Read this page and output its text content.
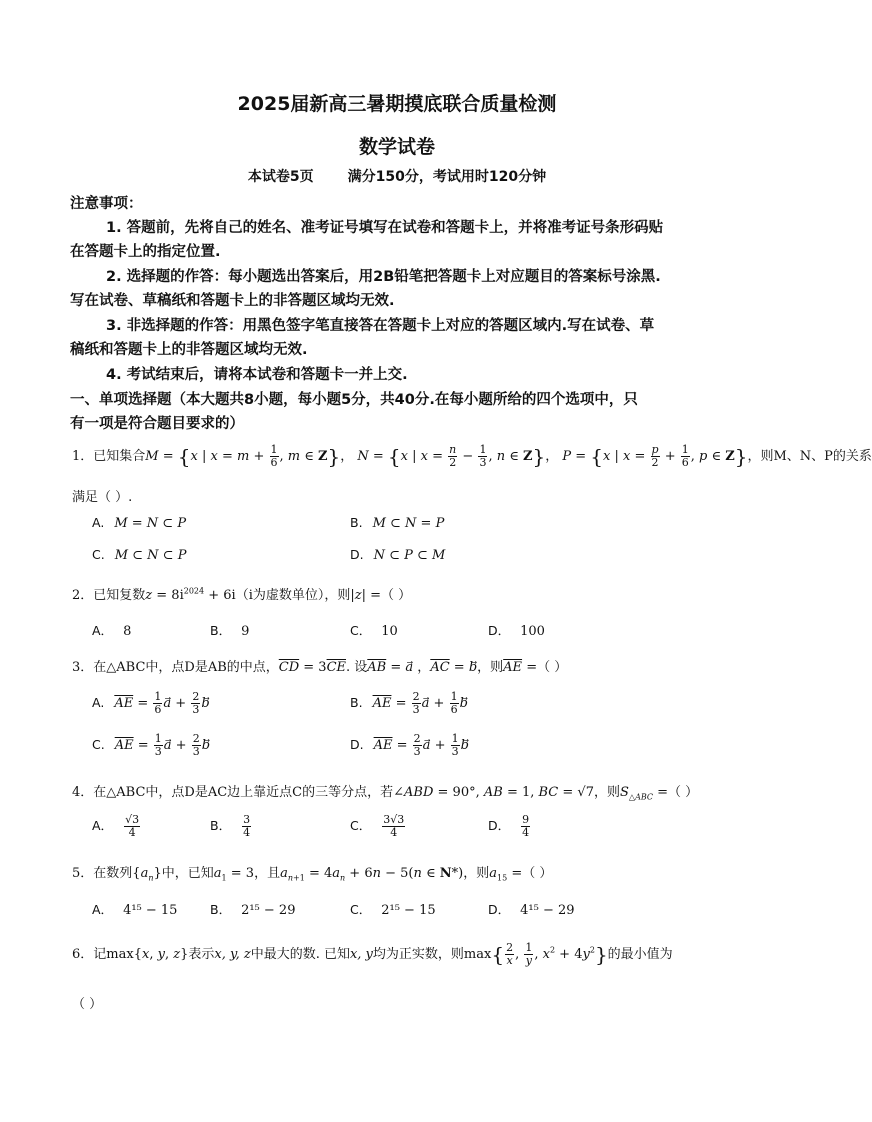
2025届新高三暑期摸底联合质量检测
数学试卷
本试卷5页 满分150分，考试用时120分钟
注意事项：
1. 答题前，先将自己的姓名、准考证号填写在试卷和答题卡上，并将准考证号条形码贴
在答题卡上的指定位置.
2. 选择题的作答：每小题选出答案后，用2B铅笔把答题卡上对应题目的答案标号涂黑.
写在试卷、草稿纸和答题卡上的非答题区域均无效.
3. 非选择题的作答：用黑色签字笔直接答在答题卡上对应的答题区域内.写在试卷、草
稿纸和答题卡上的非答题区域均无效.
4. 考试结束后，请将本试卷和答题卡一并上交.
一、单项选择题（本大题共8小题，每小题5分，共40分.在每小题所给的四个选项中，只
有一项是符合题目要求的）
1．已知集合M = {x | $x = m + \frac{1}{6}$ , m ∈ Z}， N = {x | $x = \frac{n}{2} - \frac{1}{3}$ , n ∈ Z}， P = {x | $x = \frac{p}{2} + \frac{1}{6}$ , p ∈ Z}，则M、N、P的关系
满足（ ）.
A. M = N ⊂ P	B. M ⊂ N = P
C. M ⊂ N ⊂ P	D. N ⊂ P ⊂ M
2．已知复数$z = 8i^{2024} + 6i(i$为虚数单位），则|z| =（ ）
A． 8	B． 9	C． 10	D． 100
3．在△ABC中，点D是AB的中点，$\overline{CD} = 3\overline{CE}$. 设$\overline{AB}$ = a⃗ ，$\overline{AC} = b$，则$\overline{AE}$ =（ ）
A. $\overline{AE} = \frac{1}{6}$ a⃗ + $\frac{2}{3}$ b	B. $\overline{AE} = \frac{2}{3}$ a⃗ + $\frac{1}{6}$ b
C. $\overline{AE} = \frac{1}{3}$ a⃗ + $\frac{2}{3}$ b	D. $\overline{AE} = \frac{2}{3}$ a⃗ + $\frac{1}{3}$ b
4．在△ABC中，点D是AC边上靠近点C的三等分点，若∠ABD = 90°, AB = 1, BC = √7，则$S_{\triangle ABC}$ =（ ）
A． $\frac{√3}{4}$	B． $\frac{3}{4}$	C． $\frac{3√3}{4}$	D． $\frac{9}{4}$
5．在数列$\{a_n\}$中，已知$a_1 = 3$，且$a_{n+1} = 4a_n + 6n - 5(n$ ∈ N*)，则$a_{15}$ =（ ）
A． 4¹⁵ − 15	B． 2¹⁵ − 29	C． 2¹⁵ − 15	D． 4¹⁵ − 29
6．记max{x, y, z}表示x, y, z中最大的数. 已知x, y均为正实数，则$\max\{ \frac{2}{x}$ , $\frac{1}{y}$ , $x^2 + 4y^2$}的最小值为
（ ）
